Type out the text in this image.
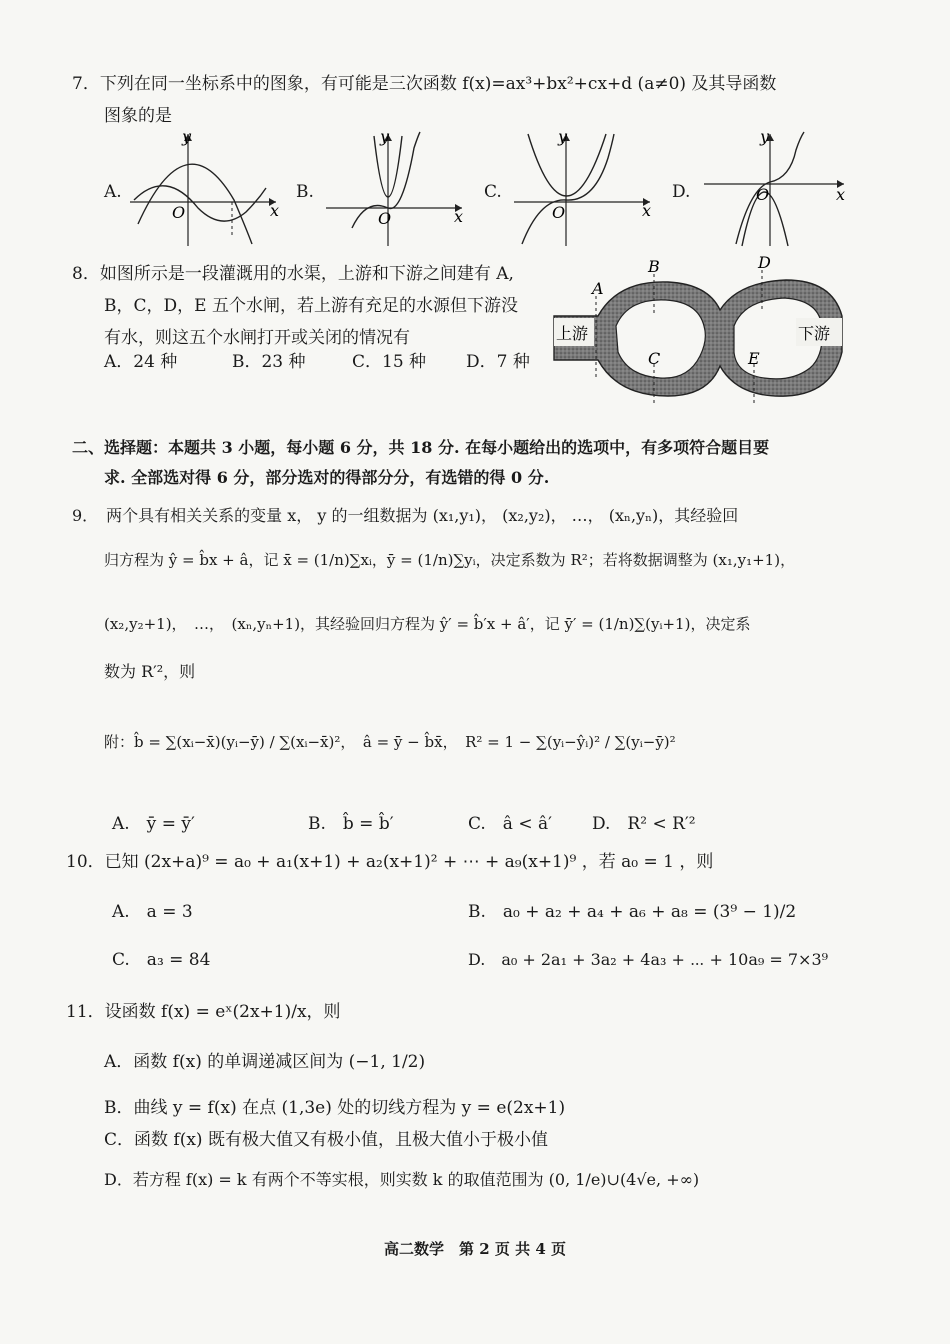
7．下列在同一坐标系中的图象，有可能是三次函数 f(x)=ax³+bx²+cx+d (a≠0) 及其导函数
图象的是
A.
y
x
O
B.
y
x
O
C.
y
x
O
D.
y
x
O
8．如图所示是一段灌溉用的水渠，上游和下游之间建有 A,
B，C，D，E 五个水闸，若上游有充足的水源但下游没
有水，则这五个水闸打开或关闭的情况有
A．24 种	B．23 种	C．15 种 D．7 种
上游	下游
A
B
C
D
E
二、选择题：本题共 3 小题，每小题 6 分，共 18 分. 在每小题给出的选项中，有多项符合题目要
求. 全部选对得 6 分，部分选对的得部分分，有选错的得 0 分.
9．　两个具有相关关系的变量 x， y 的一组数据为 (x₁,y₁)， (x₂,y₂)， …， (xₙ,yₙ)，其经验回
归方程为 ŷ = b̂x + â，记 x̄ = (1/n)∑xᵢ，ȳ = (1/n)∑yᵢ，决定系数为 R²；若将数据调整为 (x₁,y₁+1)，
(x₂,y₂+1)，　…，　(xₙ,yₙ+1)，其经验回归方程为 ŷ′ = b̂′x + â′，记 ȳ′ = (1/n)∑(yᵢ+1)，决定系
数为 R′²，则
附：b̂ = ∑(xᵢ−x̄)(yᵢ−ȳ) / ∑(xᵢ−x̄)²，　â = ȳ − b̂x̄，　R² = 1 − ∑(yᵢ−ŷᵢ)² / ∑(yᵢ−ȳ)²
A.　ȳ = ȳ′	B.　b̂ = b̂′	C.　â < â′ D.　R² < R′²
10．已知 (2x+a)⁹ = a₀ + a₁(x+1) + a₂(x+1)² + ⋯ + a₉(x+1)⁹ ，若 a₀ = 1 ，则
A.　a = 3	B.　a₀ + a₂ + a₄ + a₆ + a₈ = (3⁹ − 1)/2
C.　a₃ = 84	D.　a₀ + 2a₁ + 3a₂ + 4a₃ + ⋯ + 10a₉ = 7×3⁹
11．设函数 f(x) = eˣ(2x+1)/x，则
A．函数 f(x) 的单调递减区间为 (−1, 1/2)
B．曲线 y = f(x) 在点 (1,3e) 处的切线方程为 y = e(2x+1)
C．函数 f(x) 既有极大值又有极小值，且极大值小于极小值
D．若方程 f(x) = k 有两个不等实根，则实数 k 的取值范围为 (0, 1/e)∪(4√e, +∞)
高二数学　第 2 页 共 4 页
